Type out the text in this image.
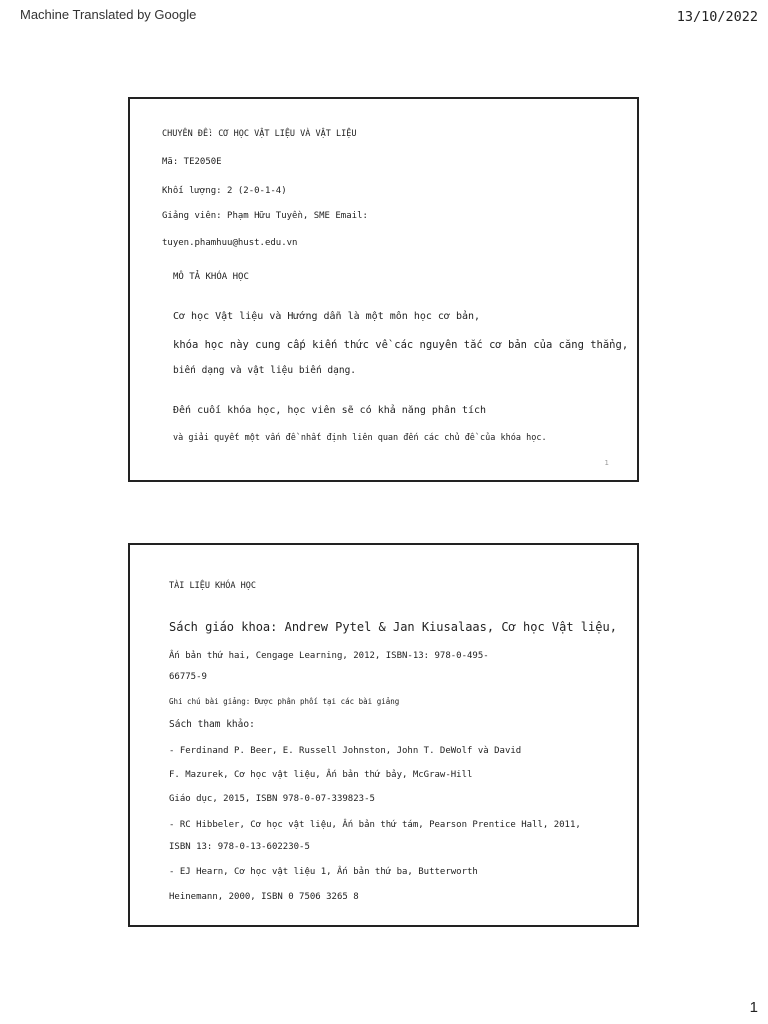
Machine Translated by Google	13/10/2022
CHUYÊN ĐỀ: CƠ HỌC VẬT LIỆU VÀ VẬT LIỆU
Mã: TE2050E
Khối lượng: 2 (2-0-1-4)
Giảng viên: Phạm Hữu Tuyền, SME Email:
tuyen.phamhuu@hust.edu.vn
MÔ TẢ KHÓA HỌC
Cơ học Vật liệu và Hướng dẫn là một môn học cơ bản,
khóa học này cung cấp kiến thức về các nguyên tắc cơ bản của căng thẳng,
biến dạng và vật liệu biến dạng.
Đến cuối khóa học, học viên sẽ có khả năng phân tích
và giải quyết một vấn đề nhất định liên quan đến các chủ đề của khóa học.
1
TÀI LIỆU KHÓA HỌC
Sách giáo khoa: Andrew Pytel & Jan Kiusalaas, Cơ học Vật liệu,
Ấn bản thứ hai, Cengage Learning, 2012, ISBN-13: 978-0-495-
66775-9
Ghi chú bài giảng: Được phân phối tại các bài giảng
Sách tham khảo:
- Ferdinand P. Beer, E. Russell Johnston, John T. DeWolf và David
F. Mazurek, Cơ học vật liệu, Ấn bản thứ bảy, McGraw-Hill
Giáo dục, 2015, ISBN 978-0-07-339823-5
- RC Hibbeler, Cơ học vật liệu, Ấn bản thứ tám, Pearson Prentice Hall, 2011,
ISBN 13: 978-0-13-602230-5
- EJ Hearn, Cơ học vật liệu 1, Ấn bản thứ ba, Butterworth
Heinemann, 2000, ISBN 0 7506 3265 8
1
